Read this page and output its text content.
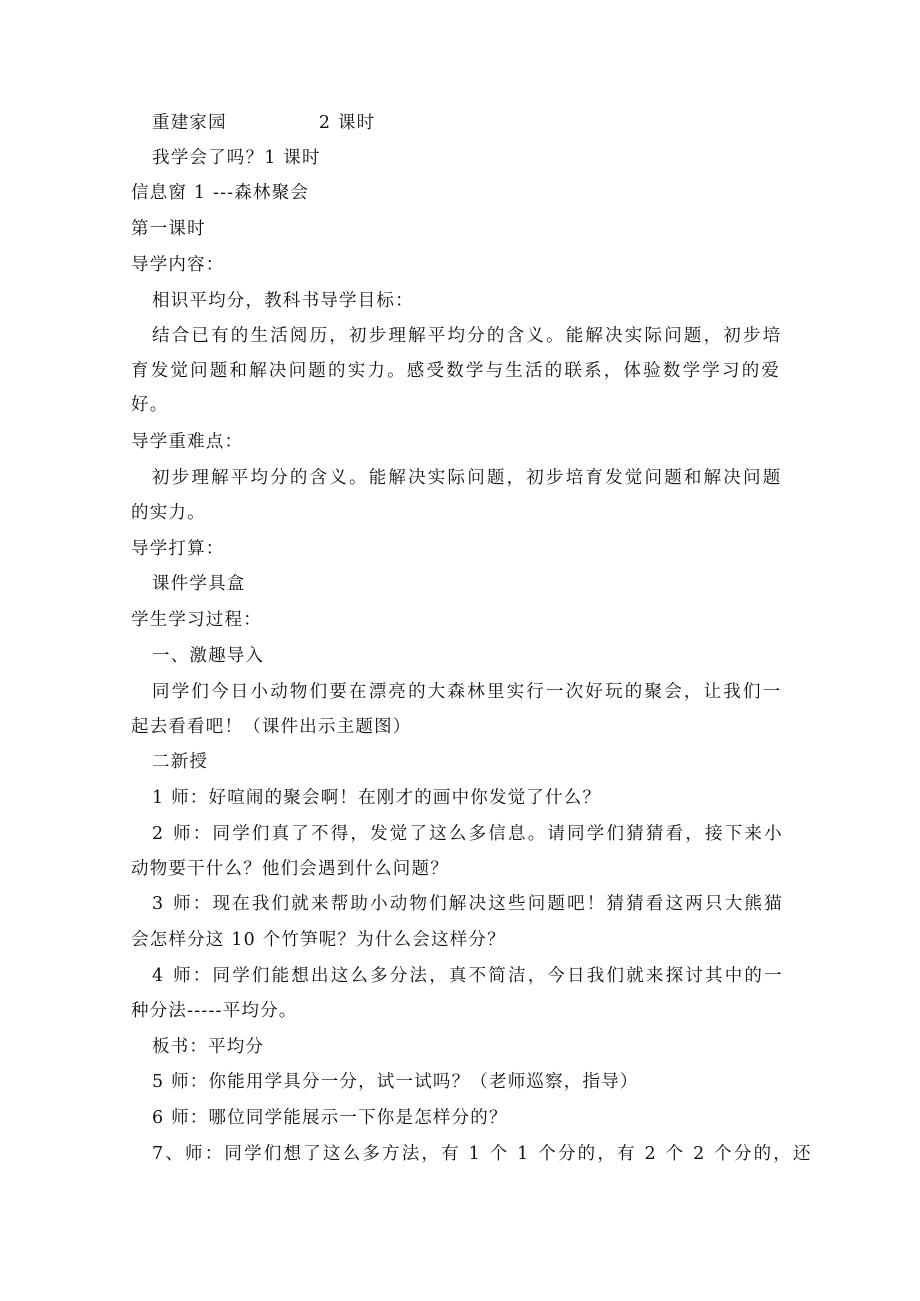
重建家园	2 课时
我学会了吗？1 课时
信息窗 1 ---森林聚会
第一课时
导学内容：
相识平均分，教科书导学目标：
结合已有的生活阅历，初步理解平均分的含义。能解决实际问题，初步培
育发觉问题和解决问题的实力。感受数学与生活的联系，体验数学学习的爱
好。
导学重难点：
初步理解平均分的含义。能解决实际问题，初步培育发觉问题和解决问题
的实力。
导学打算：
课件学具盒
学生学习过程：
一、激趣导入
同学们今日小动物们要在漂亮的大森林里实行一次好玩的聚会，让我们一
起去看看吧！（课件出示主题图）
二新授
1 师：好喧闹的聚会啊！在刚才的画中你发觉了什么？
2 师：同学们真了不得，发觉了这么多信息。请同学们猜猜看，接下来小
动物要干什么？他们会遇到什么问题？
3 师：现在我们就来帮助小动物们解决这些问题吧！猜猜看这两只大熊猫
会怎样分这 10 个竹笋呢？为什么会这样分？
4 师：同学们能想出这么多分法，真不简洁，今日我们就来探讨其中的一
种分法-----平均分。
板书：平均分
5 师：你能用学具分一分，试一试吗？（老师巡察，指导）
6 师：哪位同学能展示一下你是怎样分的？
7、师：同学们想了这么多方法，有 1 个 1 个分的，有 2 个 2 个分的，还
